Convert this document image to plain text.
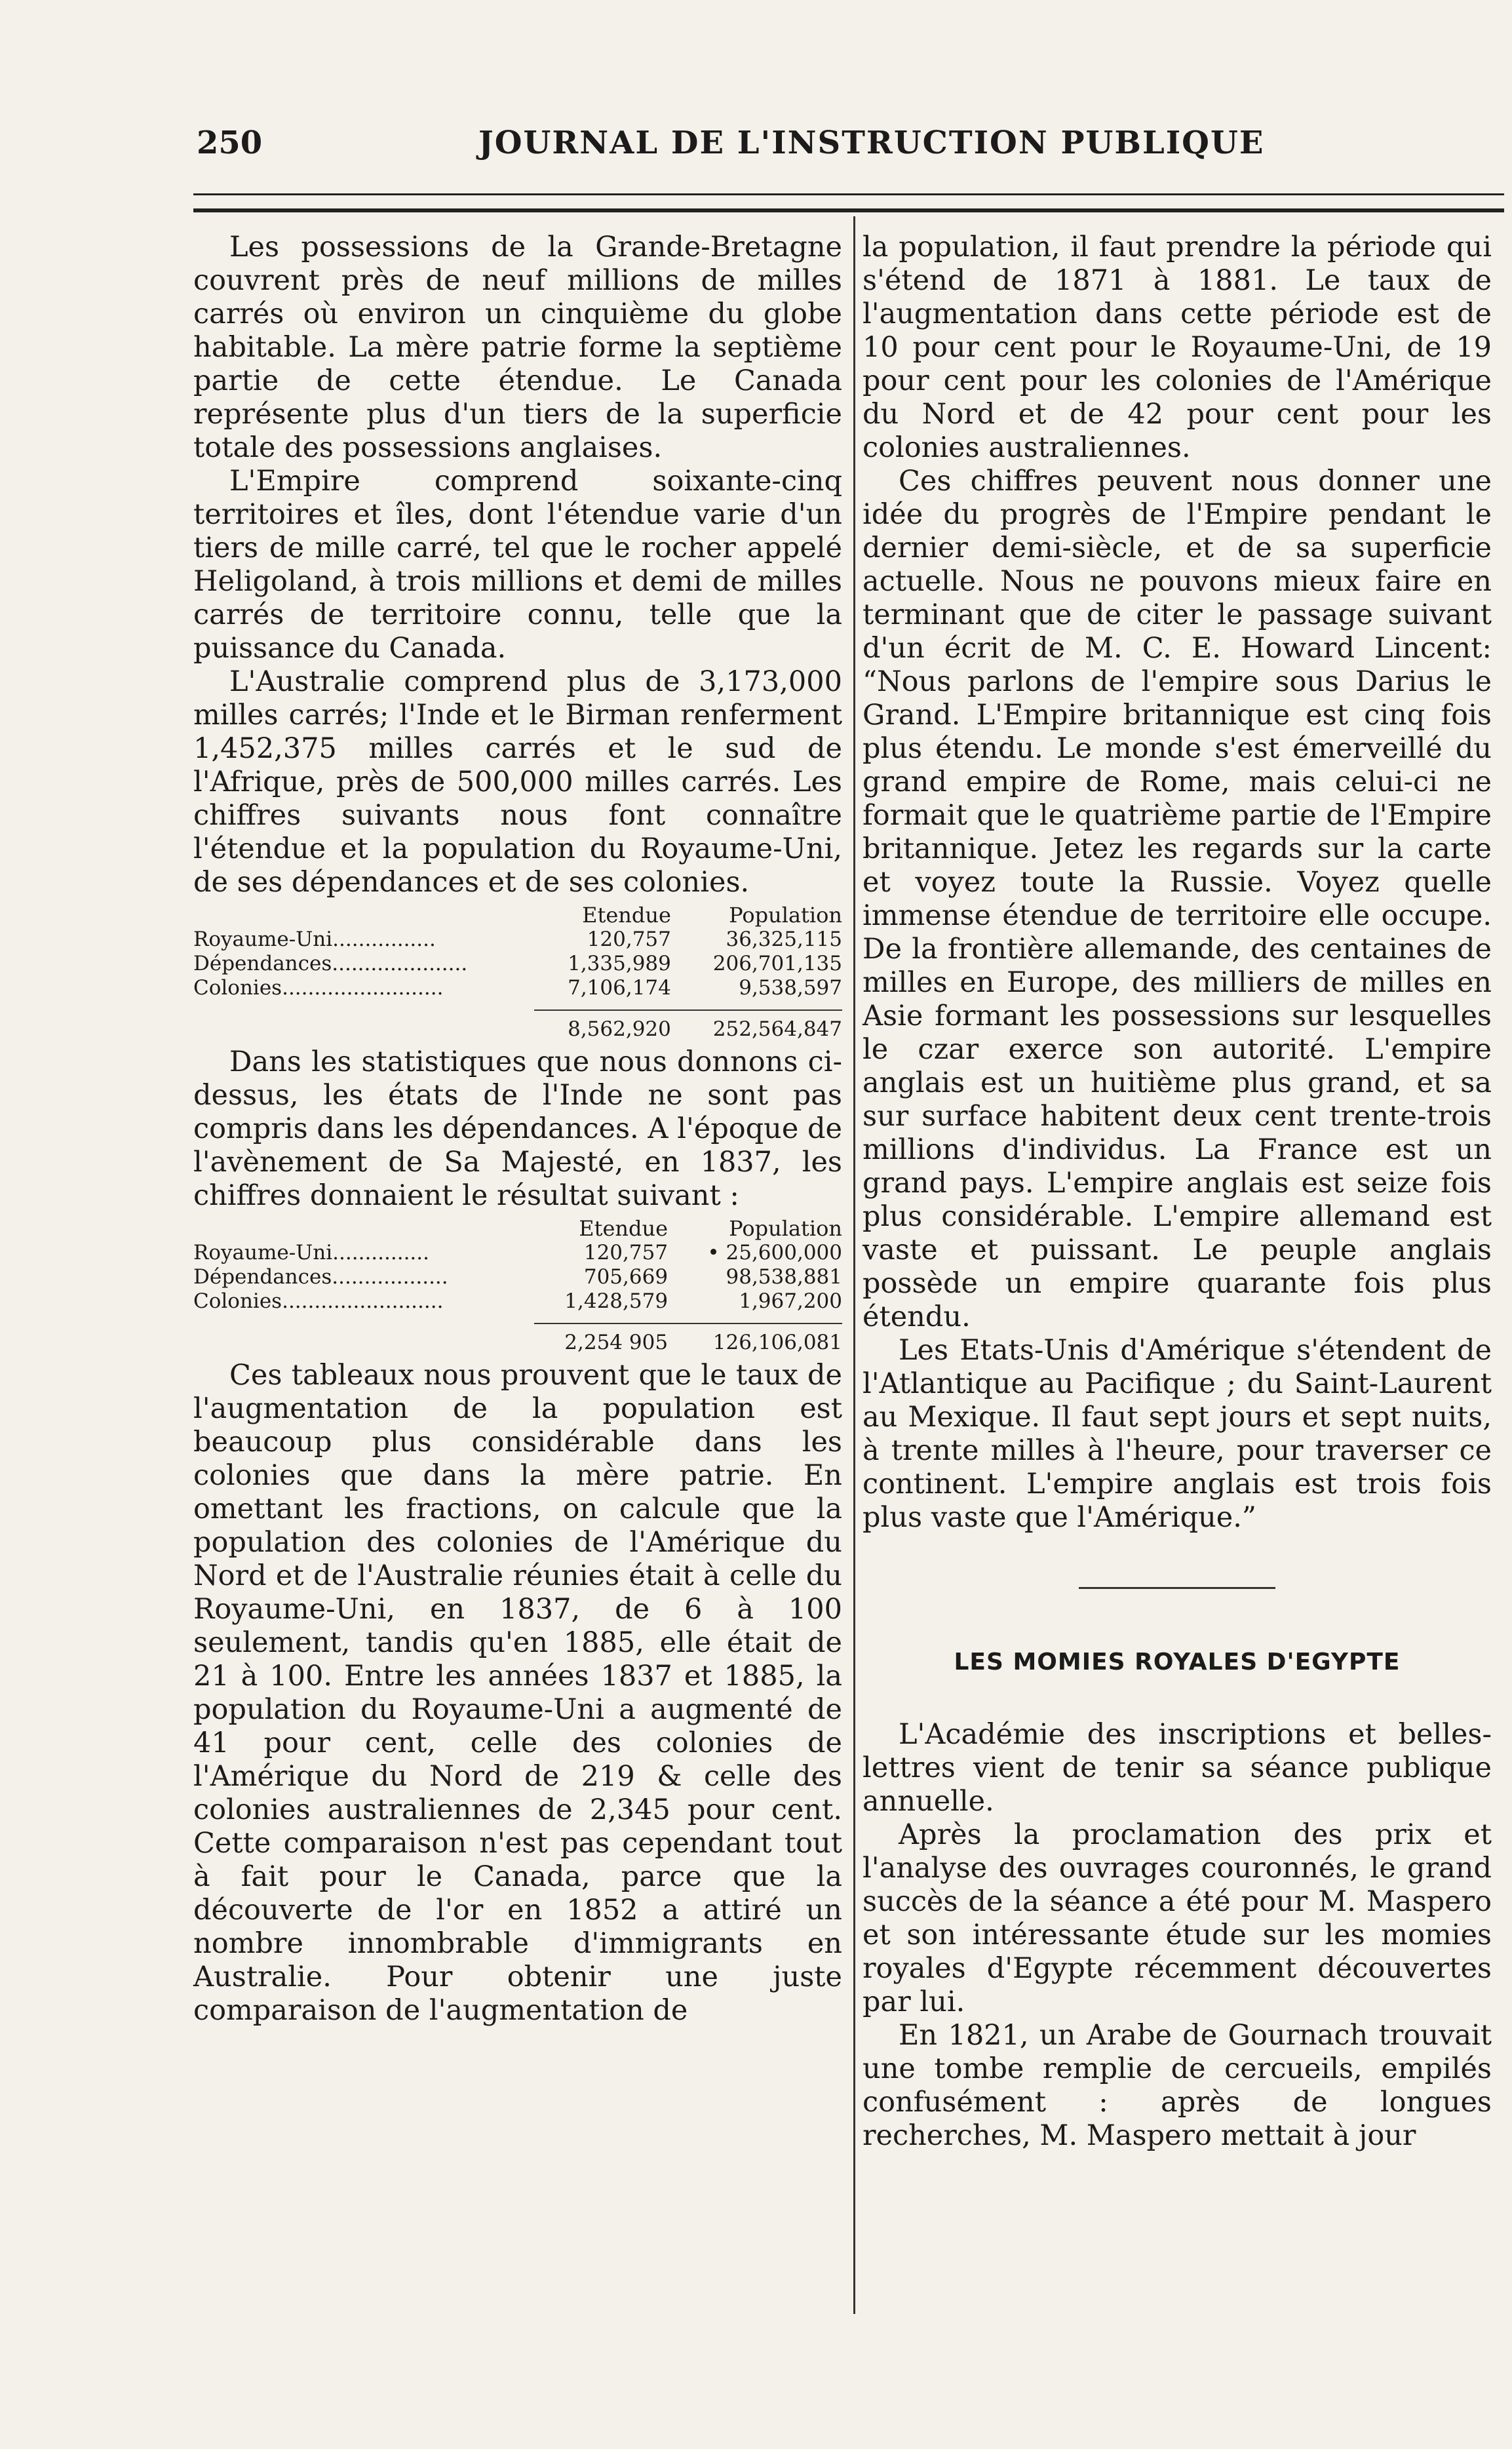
250	JOURNAL DE L'INSTRUCTION PUBLIQUE

Les possessions de la Grande-Bretagne couvrent près de neuf millions de milles carrés où environ un cinquième du globe habitable. La mère patrie forme la septième partie de cette étendue. Le Canada représente plus d'un tiers de la superficie totale des possessions anglaises.

L'Empire comprend soixante-cinq territoires et îles, dont l'étendue varie d'un tiers de mille carré, tel que le rocher appelé Heligoland, à trois millions et demi de milles carrés de territoire connu, telle que la puissance du Canada.

L'Australie comprend plus de 3,173,000 milles carrés; l'Inde et le Birman renferment 1,452,375 milles carrés et le sud de l'Afrique, près de 500,000 milles carrés. Les chiffres suivants nous font connaître l'étendue et la population du Royaume-Uni, de ses dépendances et de ses colonies.

	Etendue	Population
Royaume-Uni................	120,757	36,325,115
Dépendances.....................	1,335,989	206,701,135
Colonies.........................	7,106,174	9,538,597
	8,562,920	252,564,847

Dans les statistiques que nous donnons ci-dessus, les états de l'Inde ne sont pas compris dans les dépendances. A l'époque de l'avènement de Sa Majesté, en 1837, les chiffres donnaient le résultat suivant :

	Etendue	Population
Royaume-Uni...............	120,757	• 25,600,000
Dépendances..................	705,669	98,538,881
Colonies.........................	1,428,579	1,967,200
	2,254 905	126,106,081

Ces tableaux nous prouvent que le taux de l'augmentation de la population est beaucoup plus considérable dans les colonies que dans la mère patrie. En omettant les fractions, on calcule que la population des colonies de l'Amérique du Nord et de l'Australie réunies était à celle du Royaume-Uni, en 1837, de 6 à 100 seulement, tandis qu'en 1885, elle était de 21 à 100. Entre les années 1837 et 1885, la population du Royaume-Uni a augmenté de 41 pour cent, celle des colonies de l'Amérique du Nord de 219 & celle des colonies australiennes de 2,345 pour cent. Cette comparaison n'est pas cependant tout à fait pour le Canada, parce que la découverte de l'or en 1852 a attiré un nombre innombrable d'immigrants en Australie. Pour obtenir une juste comparaison de l'augmentation de

la population, il faut prendre la période qui s'étend de 1871 à 1881. Le taux de l'augmentation dans cette période est de 10 pour cent pour le Royaume-Uni, de 19 pour cent pour les colonies de l'Amérique du Nord et de 42 pour cent pour les colonies australiennes.

Ces chiffres peuvent nous donner une idée du progrès de l'Empire pendant le dernier demi-siècle, et de sa superficie actuelle. Nous ne pouvons mieux faire en terminant que de citer le passage suivant d'un écrit de M. C. E. Howard Lincent: “Nous parlons de l'empire sous Darius le Grand. L'Empire britannique est cinq fois plus étendu. Le monde s'est émerveillé du grand empire de Rome, mais celui-ci ne formait que le quatrième partie de l'Empire britannique. Jetez les regards sur la carte et voyez toute la Russie. Voyez quelle immense étendue de territoire elle occupe. De la frontière allemande, des centaines de milles en Europe, des milliers de milles en Asie formant les possessions sur lesquelles le czar exerce son autorité. L'empire anglais est un huitième plus grand, et sa sur surface habitent deux cent trente-trois millions d'individus. La France est un grand pays. L'empire anglais est seize fois plus considérable. L'empire allemand est vaste et puissant. Le peuple anglais possède un empire quarante fois plus étendu.

Les Etats-Unis d'Amérique s'étendent de l'Atlantique au Pacifique ; du Saint-Laurent au Mexique. Il faut sept jours et sept nuits, à trente milles à l'heure, pour traverser ce continent. L'empire anglais est trois fois plus vaste que l'Amérique.”

LES MOMIES ROYALES D'EGYPTE

L'Académie des inscriptions et belles-lettres vient de tenir sa séance publique annuelle.

Après la proclamation des prix et l'analyse des ouvrages couronnés, le grand succès de la séance a été pour M. Maspero et son intéressante étude sur les momies royales d'Egypte récemment découvertes par lui.

En 1821, un Arabe de Gournach trouvait une tombe remplie de cercueils, empilés confusément : après de longues recherches, M. Maspero mettait à jour
